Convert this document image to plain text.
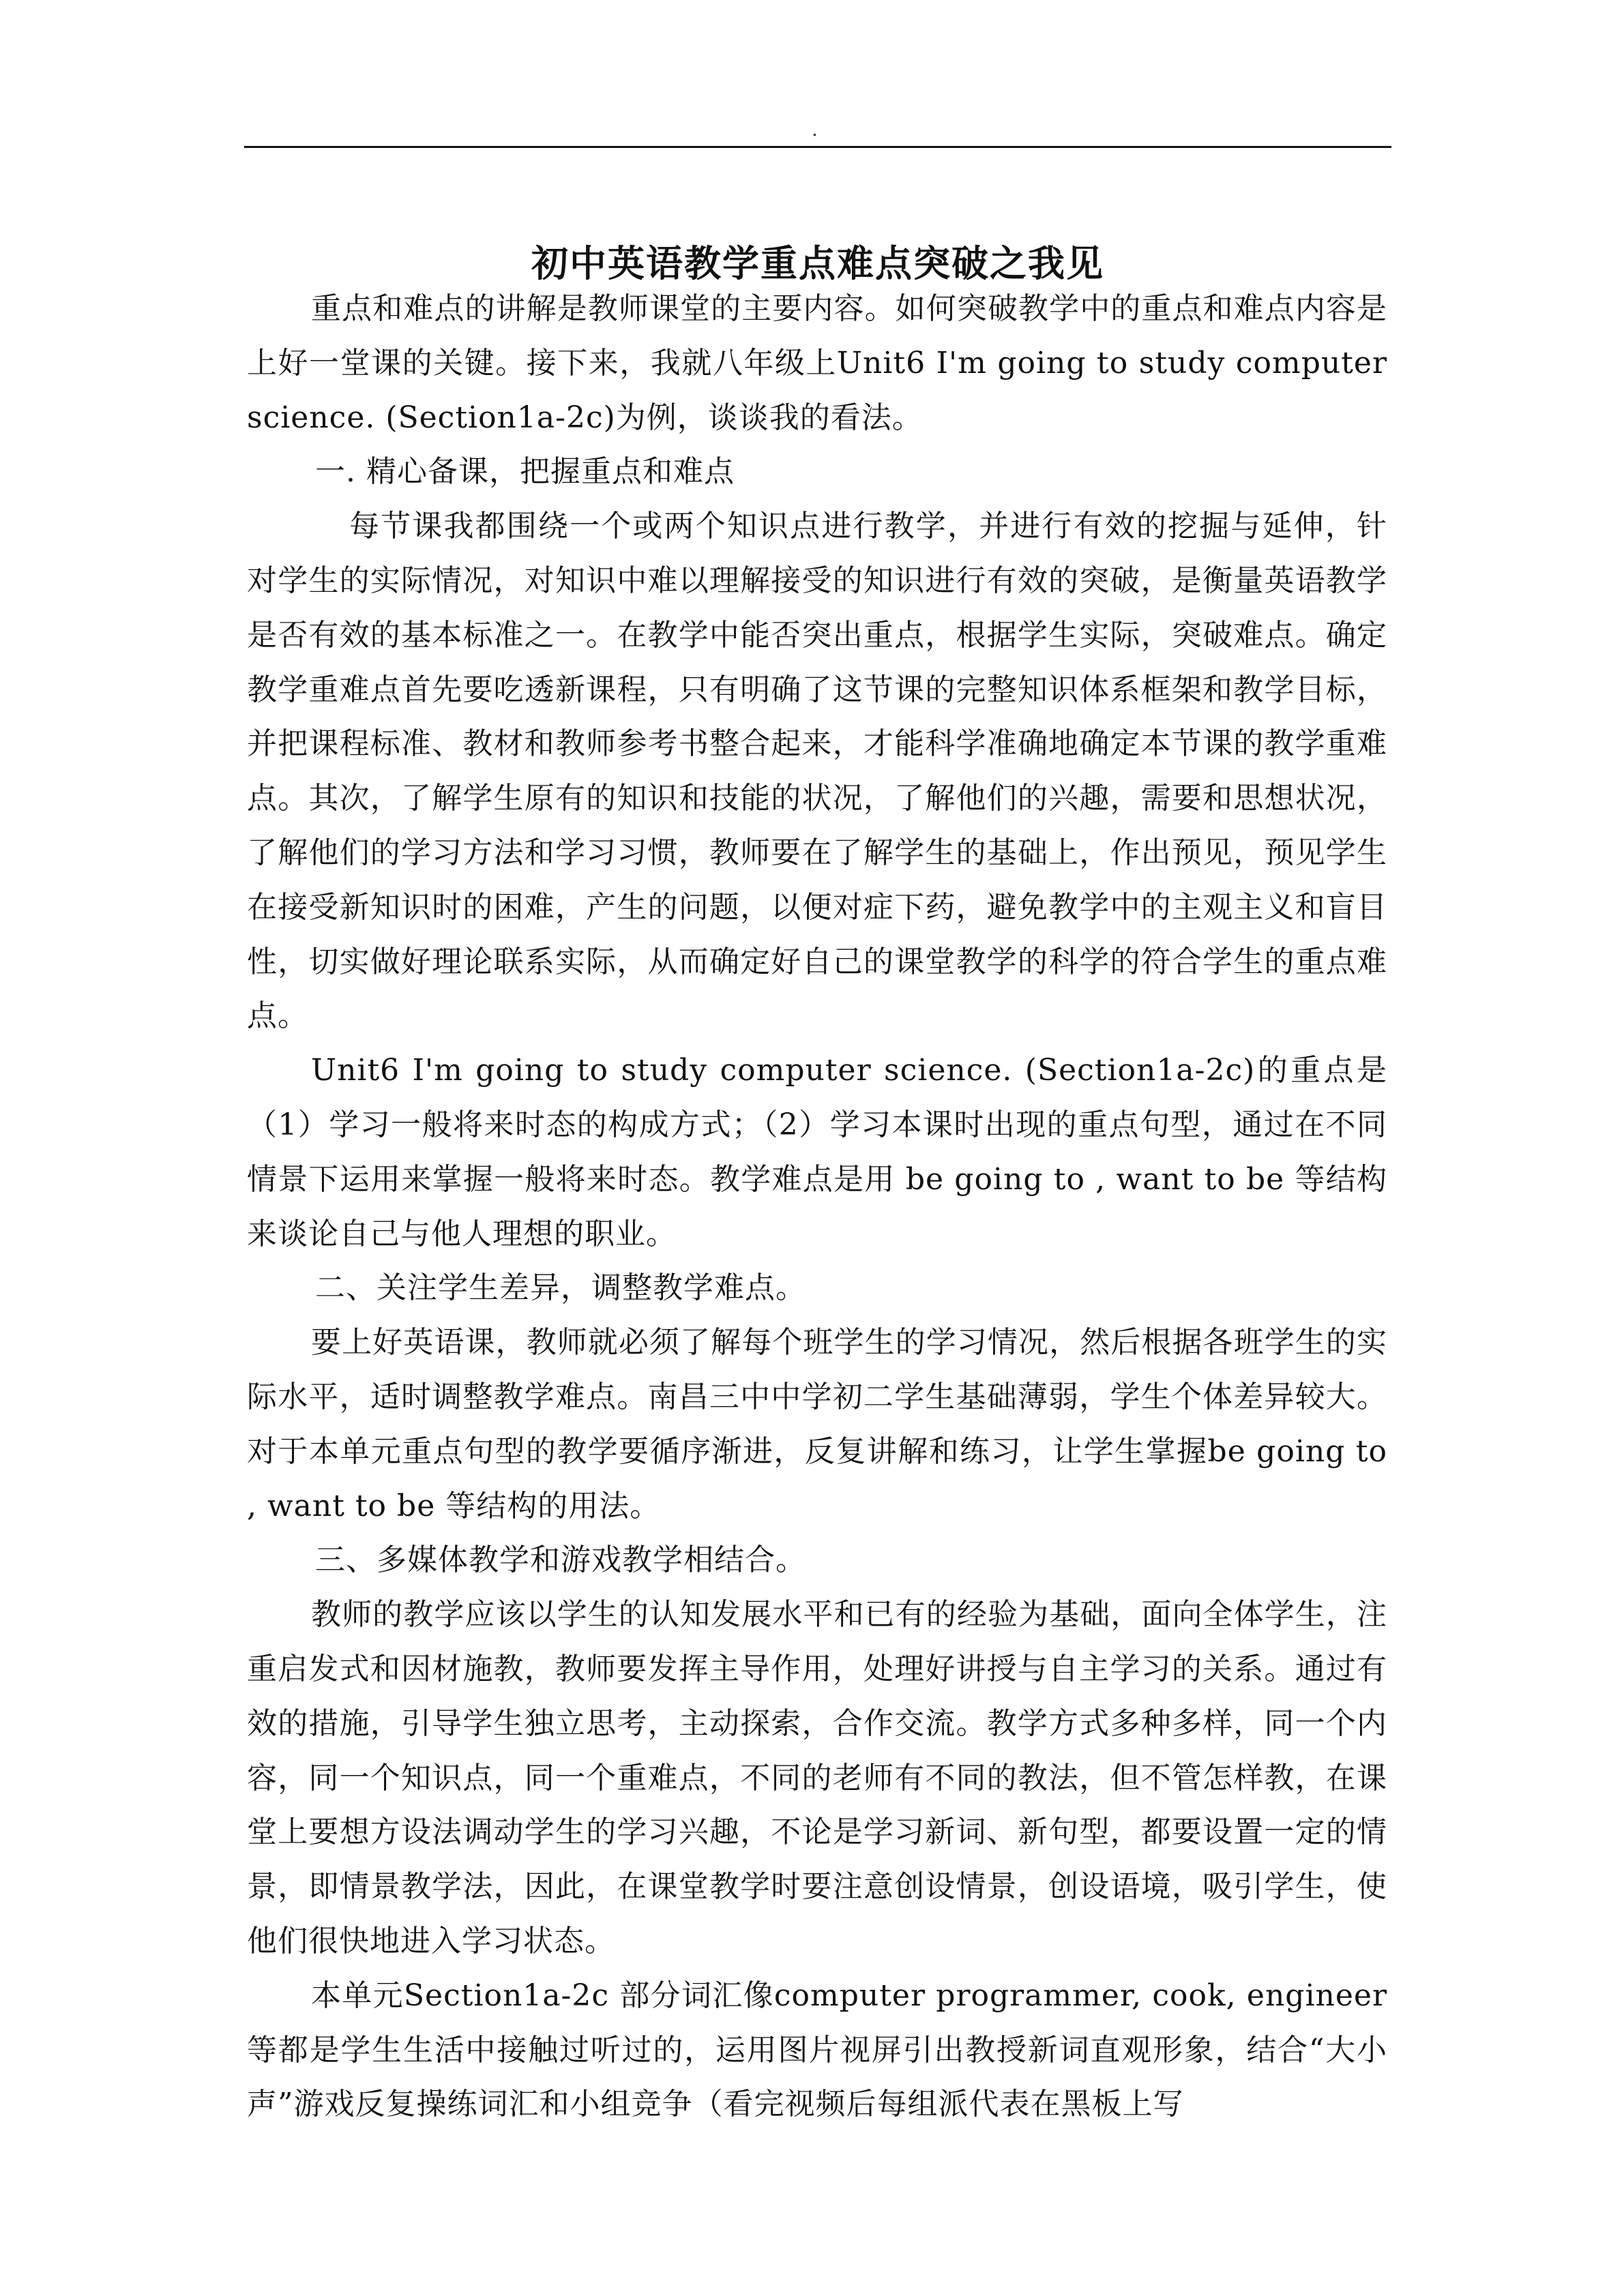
.
初中英语教学重点难点突破之我见

重点和难点的讲解是教师课堂的主要内容。如何突破教学中的重点和难点内容是上好一堂课的关键。接下来，我就八年级上Unit6 I'm going to study computer science. (Section1a-2c)为例，谈谈我的看法。

一. 精心备课，把握重点和难点

每节课我都围绕一个或两个知识点进行教学，并进行有效的挖掘与延伸，针对学生的实际情况，对知识中难以理解接受的知识进行有效的突破，是衡量英语教学是否有效的基本标准之一。在教学中能否突出重点，根据学生实际，突破难点。确定教学重难点首先要吃透新课程，只有明确了这节课的完整知识体系框架和教学目标，并把课程标准、教材和教师参考书整合起来，才能科学准确地确定本节课的教学重难点。其次，了解学生原有的知识和技能的状况，了解他们的兴趣，需要和思想状况，了解他们的学习方法和学习习惯，教师要在了解学生的基础上，作出预见，预见学生在接受新知识时的困难，产生的问题，以便对症下药，避免教学中的主观主义和盲目性，切实做好理论联系实际，从而确定好自己的课堂教学的科学的符合学生的重点难点。

Unit6 I'm going to study computer science. (Section1a-2c)的重点是（1）学习一般将来时态的构成方式；（2）学习本课时出现的重点句型，通过在不同情景下运用来掌握一般将来时态。教学难点是用 be going to , want to be 等结构来谈论自己与他人理想的职业。

二、关注学生差异，调整教学难点。

要上好英语课，教师就必须了解每个班学生的学习情况，然后根据各班学生的实际水平，适时调整教学难点。南昌三中中学初二学生基础薄弱，学生个体差异较大。对于本单元重点句型的教学要循序渐进，反复讲解和练习，让学生掌握be going to , want to be 等结构的用法。

三、多媒体教学和游戏教学相结合。

教师的教学应该以学生的认知发展水平和已有的经验为基础，面向全体学生，注重启发式和因材施教，教师要发挥主导作用，处理好讲授与自主学习的关系。通过有效的措施，引导学生独立思考，主动探索，合作交流。教学方式多种多样，同一个内容，同一个知识点，同一个重难点，不同的老师有不同的教法，但不管怎样教，在课堂上要想方设法调动学生的学习兴趣，不论是学习新词、新句型，都要设置一定的情景，即情景教学法，因此，在课堂教学时要注意创设情景，创设语境，吸引学生，使他们很快地进入学习状态。

本单元Section1a-2c 部分词汇像computer programmer, cook, engineer等都是学生生活中接触过听过的，运用图片视屏引出教授新词直观形象，结合“大小声”游戏反复操练词汇和小组竞争（看完视频后每组派代表在黑板上写
